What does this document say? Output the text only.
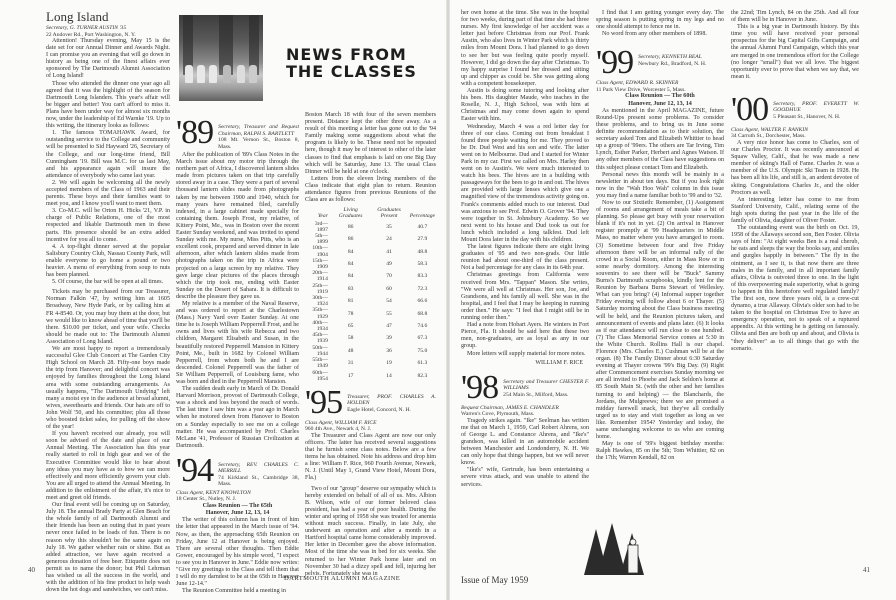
NEWS FROM
THE CLASSES
Long Island

Secretary, G. TURNER AUSTIN '35

22 Andover Rd., Port Washington, N. Y.

Attention! Thursday evening, May 15 is the date set for our Annual Dinner and Awards Night. I can promise you an evening that will go down in history as being one of the finest affairs ever sponsored by The Dartmouth Alumni Association of Long Island!

Those who attended the dinner one year ago all agreed that it was the highlight of the season for Dartmouth Long Islanders. This year's affair will be bigger and better! You can't afford to miss it. Plans have been under way for almost six months now, under the leadership of Ed Warnke '19. Up to this writing, the itinerary looks as follows:

1. The famous TOMAHAWK Award, for outstanding service to the College and community will be presented to Sid Hayward '26, Secretary of the College, and our long-time friend, Bill Cunningham '19. Bill was M.C. for us last May, and his appearance again will insure the attendance of everybody who came last year.

2. We will again be welcoming all the newly accepted members of the Class of 1963 and their parents. These boys and their families want to meet you, and I know you'll want to meet them.

3. Co-M.C. will be Orton H. Hicks '21, V.P. in charge of Public Relations, one of the most respected and likable Dartmouth men in these parts. His presence should be an extra added incentive for you all to come.

4. A top-flight dinner served at the popular Salisbury Country Club, Nassau County Park, will enable everyone to go home a pound or two heavier. A menu of everything from soup to nuts has been planned.

5. Of course, the bar will be open at all times.

Tickets may be purchased from our Treasurer, Norman Falkin '47, by writing him at 1605 Broadway, New Hyde Park, or by calling him at FR 4-8540. Or, you may buy them at the door, but we would like to know ahead of time that you'll be there. $10.00 per ticket, and your wife. Checks should be made out to: The Dartmouth Alumni Association of Long Island.

We are most happy to report a tremendously successful Glee Club Concert at The Garden City High School on March 28. Fifty-one boys made the trip from Hanover; and delightful concert was enjoyed by families throughout the Long Island area with some outstanding arrangements. As usually happens, "The Dartmouth Undying" left many a moist eye in the audience at broad alumni, wives, sweethearts and friends. Our hats are off to John Wolf '50, and his committee; plus all those who boosted ticket sales, for pulling off the show of the year!

If you haven't received our already, you will soon be advised of the date and place of our Annual Meeting. The Association has this year really started to roll in high gear and we of the Executive Committee would like to hear about any ideas you may have as to how we can more effectively and more efficiently govern your club. You are all urged to attend the Annual Meeting. In addition to the enlistment of the affair, it's nice to meet and greet old friends.

Our final event will be coming up on Saturday, July 18. The annual Brady Party at Glen Beach for the whole family of all Dartmouth Alumni and their friends has been an outing that in past years never once failed to be loads of fun. There is no reason why this shouldn't be the same again on July 18. We gather whether rain or shine. But as added attraction, we have again received a generous donation of free beer. Etiquette does not permit us to name the donor; but Phil Lehrman has wished us all the success in the world, and with the addition of his fine product to help wash down the hot dogs and sandwiches, we can't miss.

'89 Secretary, Treasurer and Bequest Chairman, RALPH S. BARTLETT
108 Mt. Vernon St., Boston 8, Mass.

After the publication of '89's Class Notes in the March issue about my motor trip through the northern part of Africa, I discovered lantern slides made from pictures taken on that trip carefully stored away in a case. They were a part of several thousand lantern slides made from photographs taken by me between 1900 and 1940, which for many years have remained filed, carefully indexed, in a large cabinet made specially for containing them. Joseph Frost, my relative, of Kittery Point, Me., was in Boston over the recent Easter Sunday weekend, and was invited to spend Sunday with me. My nurse, Miss Pitts, who is an excellent cook, prepared and served dinner in late afternoon, after which lantern slides made from photographs taken on the trip in Africa were projected on a large screen by my relative. They gave large clear pictures of the places through which the trip took me, ending with Easter Sunday on the Desert of Sahara. It is difficult to describe the pleasure they gave us.

My relative is a member of the Naval Reserve, and was ordered to report at the Charlestown (Mass.) Navy Yard over Easter Sunday. At one time he is Joseph William Pepperrell Frost, and he owns and lives with his wife Rebecca and two children, Margaret Elisabeth and Susan, in the beautifully restored Pepperrell Mansion in Kittery Point, Me., built in 1682 by Colonel William Pepperrell, from whom both he and I are descended. Colonel Pepperrell was the father of Sir William Pepperrell, of Louisburg fame, who was born and died in the Pepperrell Mansion.

The sudden death early in March of Dr. Donald Harvard Morrison, provost of Dartmouth College, was a shock and loss beyond the reach of words. The last time I saw him was a year ago in March when he motored down from Hanover to Boston on a Sunday especially to see me on a college matter. He was accompanied by Prof. Charles McLane '41, Professor of Russian Civilization at Dartmouth.

'94 Secretary, REV. CHARLES C. MERRILL
74 Kirkland St., Cambridge 38, Mass.

Class Agent, KENT KNOWLTON

18 Center St., Nutley, N. J.

Class Reunion — The 65th
Hanover, June 12, 13, 14

The writer of this column has in front of him the letter that appeared in the March issue of '94. Now, as then, the approaching 65th Reunion on Friday, June 12 at Hanover is being enjoyed. There are several other thoughts. Then Eddie Gower, encouraged by his simple word, "I expect to see you in Hanover in June." Eddie now writes: "Give my greetings to the Class and tell them that I will do my darndest to be at the 65th in Hanover June 12-14."

The Reunion Committee held a meeting in

Boston March 18 with four of the seven members present. Distance kept the other three away. As a result of this meeting a letter has gone out to the '94 Family making some suggestions about what the program is likely to be. These need not be repeated here, though it may be of interest to other of the later classes to find that emphasis is laid on one Big Day which will be Saturday, June 13. The usual Class Dinner will be held at one o'clock.

Letters from the eleven living members of the Class indicate that eight plan to return. Reunion attendance figures from previous Reunions of the Class are as follows:

Year	Living Graduates	Graduates Present	Percentage
3rd—1897	86	35	40.7
5th—1899	86	24	27.9
10th—1904	84	41	48.8
15th—1909	84	49	58.3
20th—1914	84	70	83.3
25th—1919	83	60	72.3
30th—1924	81	54	66.6
35th—1929	78	55	68.8
40th—1934	65	47	74.6
45th—1939	58	39	67.3
50th—1944	48	36	75.0
55th—1949	31	19	61.3
60th—1954	17	14	82.3
'95 Treasurer, PROF. CHARLES A. HOLDEN
Eagle Hotel, Concord, N. H.

Class Agent, WILLIAM F. RICE

960 4th Ave., Newark 4, N. J.

The Treasurer and Class Agent are now our only officers. The latter has received several suggestions that he furnish some class notes. Below are a few items he has obtained. Note his address and drop him a line: William F. Rice, 960 Fourth Avenue, Newark, N. J. (Until May 1, Grand View Hotel, Mount Dora, Fla.)

Two of our "group" deserve our sympathy which is hereby extended on behalf of all of us. Mrs. Albion B. Wilson, wife of our former beloved class president, has had a year of poor health. During the winter and spring of 1958 she was treated for anemia without much success. Finally, in late July, she underwent an operation and after a month in a Hartford hospital came home considerably improved. Her letter in December gave the above information. Most of the time she was in bed for six weeks. She returned to her Winter Park home later and on November 30 had a dizzy spell and fell, injuring her pelvis. Fortunately she was in

her own home at the time. She was in the hospital for two weeks, during part of that time she had three nurses. My first knowledge of her accident was a letter just before Christmas from our Prof. Frank Austin, who also lives in Winter Park which is thirty miles from Mount Dora. I had planned to go down to see her but was feeling quite poorly myself. However, I did go down the day after Christmas. To my happy surprise I found her dressed and sitting up and chipper as could be. She was getting along with a competent housekeeper.

Austin is doing some tutoring and looking after his bees. His daughter Maude, who teaches in the Roselle, N. J., High School, was with him at Christmas and may come down again to spend Easter with him.

Wednesday, March 4 was a red letter day for three of our class. Coming out from breakfast I found three people waiting for me. They proved to be Dr. Dud West and his son and wife. The latter went on to Melbourne. Dud and I started for Winter Park in my car. First we called on Mrs. Harley then went on to Austin's. We were much interested to watch his bees. The hives are in a building with passageways for the bees to go in and out. The hives are provided with large lenses which give one a magnified view of the tremendous activity going on. Frank's comments added much to our interest. Dud was anxious to see Prof. Edwin O. Grover '94. They were together in St. Johnsbury Academy. So we next went to his house and Dud took us out for lunch which included a long talkfest. Dud left Mount Dora later in the day with his children.

The latest figures indicate there are eight living graduates of '95 and two non-grads. Our little reunion had about one-third of the class present. Not a bad percentage for any class in its 64th year.

Christmas greetings from California were received from Mrs. "Tappan" Mason. She writes, "We were all well at Christmas. Her son, Joe, and Grandsons, and his family all well. She was in the hospital, and I feel that I may be keeping in running order then." He says: "I feel that I might still be in running order then."

Had a note from Hobart Ayers. He winters in Fort Pierce, Fla. It should be said here that these two men, non-graduates, are as loyal as any in our group.

More letters will supply material for more notes.

WILLIAM F. RICE
'98 Secretary and Treasurer CHESTER F. WILLIAMS
254 Main St., Milford, Mass.

Bequest Chairman, JAMES E. CHANDLER

Warren's Cove, Plymouth, Mass.

Tragedy strikes again. "Ike" Seelman has written me that on March 1, 1959, Carl Robert Ahrens, son of George L. and Constance Ahrens, and "Ike's" grandson, was killed in an automobile accident between Manchester and Londonderry, N. H. We can only hope that things happen, but we will never know.

"Ike's" wife, Gertrude, has been entertaining a severe virus attack, and was unable to attend the services.

I find that I am getting younger every day. The spring season is putting spring in my legs and no one should attempt to fence me in.

No word from any other members of 1898.

'99 Secretary, KENNETH BEAL
Newbury Rd., Bradford, N. H.

Class Agent, EDWARD R. SKINNER

11 Park View Drive, Worcester 5, Mass.

Class Reunion — The 60th
Hanover, June 12, 13, 14

As mentioned in the April MAGAZINE, future Round-Ups present some problems. To consider these problems, and to bring us in June some definite recommendation as to their solution, the secretary asked Tom and Elizabeth Whittier to head up a group of '99ers. The others are Tar Irving, Tim Lynch, Esther Parker, Herbert and Agnes Watson. If any other members of the Class have suggestions on this subject please contact Tom and Elizabeth.

Personal news this month will be mainly in a newsletter in about ten days. But if you look right now in the "Wah Hoo Wah" column in this issue you may find a name familiar both to '99 and to '32.

Now to our Sixtieth: Remember, (1) Assignment of rooms and arrangement of meals take a bit of planning. So please get busy with your reservation blank if it's not in yet. (2) On arrival in Hanover register promptly at '99 Headquarters in Middle Mass, no matter where you have arranged to room. (3) Sometime between four and five Friday afternoon there will be an informal rally of the crowd in a Social Room, either in Mass Row or in some nearby dormitory. Among the interesting souvenirs to see there will be "Buck" Sammy Burns's Dartmouth scrapbooks, kindly lent for the Reunion by Barbara Burns Stewart of Wellesley. What can you bring? (4) Informal supper together Friday evening will follow about 6 or Thayer. (5) Saturday morning about the Class business meeting will be held, and the Reunion pictures taken, and announcement of events and plans later. (6) It looks as if our attendance will run close to one hundred. (7) The Class Memorial Service comes at 5:30 in the White Church. Rollins Hall is our chapel. Florence (Mrs. Charles E.) Cushman will be at the organ. (8) The Family Dinner about 6:30 Saturday evening at Thayer crowns '99's Big Day. (9) Right after Commencement exercises Sunday morning we are all invited to Phoebe and Jack Seldon's home at 85 South Main St. (with the other and her families turning to and helping) — the Blanchards, the Jordans, the Mulgreews; there we are promised a midday farewell snack, but they've all cordially urged us to stay and visit together as long as we like. Remember 1954? Yesterday and today, the same unchanging welcome to us who are coming home.

May is one of '99's biggest birthday months: Ralph Hawkes, 85 on the 5th; Tom Whittier, 82 on the 17th; Warren Kendall, 82 on

the 22nd; Tim Lynch, 84 on the 25th. And all four of them will be in Hanover in June.

This is a big year in Dartmouth history. By this time you will have received your personal prospectus for the big Capital Gifts Campaign, and the annual Alumni Fund Campaign, which this year are merged in one tremendous effort for the College (no longer "small") that we all love. The biggest opportunity ever to prove that when we say that, we mean it.

'00 Secretary, PROF. EVERETT W. GOODHUE
5 Pleasant St., Hanover, N. H.

Class Agent, WALTER F. RANKIN

34 Carruth St., Dorchester, Mass.

A very nice honor has come to Charles, son of our Charles Proctor. It was recently announced at Squaw Valley, Calif., that he was made a new member of skiing's Hall of Fame. Charles Jr. was a member of the U.S. Olympic Ski Team in 1928. He has been all his life, and still is, an ardent devotee of skiing. Congratulations Charles Jr., and the older Proctors as well.

An interesting letter has come to me from Stanford University, Calif., relating some of the high spots during the past year in the life of the family of Olivia, daughter of Oliver Foster.

The outstanding event was the birth on Oct. 19, 1958 of the Allaways second son, Ben Foster. Olivia says of him: "At eight weeks Ben is a real cherub, he eats and sleeps the way the books say, and smiles and gurgles happily in between." The fly in the ointment, as I see it, is that now there are three males in the family, and in all important family affairs, Olivia is outvoted three to one. In the light of this overpowering male superiority, what is going to happen in this heretofore well regulated family? The first son, now three years old, is a crew-cut dynamo, a true Allaway. Olivia's older son had to be taken to the hospital on Christmas Eve to have an emergency operation, not to speak of a ruptured appendix. At this writing he is getting on famously. Olivia and Ben are both up and about, and Olivia is "they deliver" as to all things that go with the scenario.

40
DARTMOUTH ALUMNI MAGAZINE	Issue of May 1959
41
